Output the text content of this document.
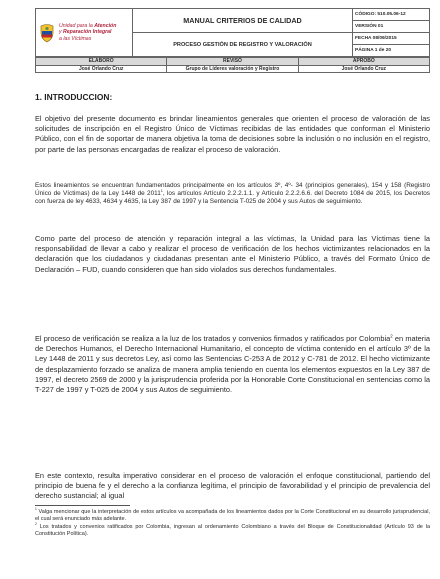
Unidad para la Atención
y Reparación Integral
a las Víctimas	MANUAL CRITERIOS DE CALIDAD	CÓDIGO: 510.05.06-12
		VERSIÓN 01
	PROCESO GESTIÓN DE REGISTRO Y VALORACIÓN	FECHA 08/09/2015
		PÁGINA 1 de 20
ELABORÓ	REVISÓ	APROBÓ
José Orlando Cruz	Grupo de Líderes valoración y Registro	José Orlando Cruz
1. INTRODUCCION:
El objetivo del presente documento es brindar lineamientos generales que orienten el proceso de valoración de las solicitudes de inscripción en el Registro Único de Víctimas recibidas de las entidades que conforman el Ministerio Público, con el fin de soportar de manera objetiva la toma de decisiones sobre la inclusión o no inclusión en el registro, por parte de las personas encargadas de realizar el proceso de valoración.
Estos lineamientos se encuentran fundamentados principalmente en los artículos 3º, 4º- 34 (principios generales), 154 y 158 (Registro Único de Víctimas) de la Ley 1448 de 2011$^1$, los artículos Artículo 2.2.2.1.1. y Artículo 2.2.2.6.6. del Decreto 1084 de 2015, los Decretos con fuerza de ley 4633, 4634 y 4635, la Ley 387 de 1997 y la Sentencia T-025 de 2004 y sus Autos de seguimiento.
Como parte del proceso de atención y reparación integral a las víctimas, la Unidad para las Víctimas tiene la responsabilidad de llevar a cabo y realizar el proceso de verificación de los hechos victimizantes relacionados en la declaración que los ciudadanos y ciudadanas presentan ante el Ministerio Público, a través del Formato Único de Declaración – FUD, cuando consideren que han sido violados sus derechos fundamentales.
El proceso de verificación se realiza a la luz de los tratados y convenios firmados y ratificados por Colombia$^2$ en materia de Derechos Humanos, el Derecho Internacional Humanitario, el concepto de víctima contenido en el artículo 3º de la Ley 1448 de 2011 y sus decretos Ley, así como las Sentencias C-253 A de 2012 y C-781 de 2012. El hecho victimizante de desplazamiento forzado se analiza de manera amplia teniendo en cuenta los elementos expuestos en la Ley 387 de 1997, el decreto 2569 de 2000 y la jurisprudencia proferida por la Honorable Corte Constitucional en sentencias como la T-227 de 1997 y T-025 de 2004 y sus Autos de seguimiento.
En este contexto, resulta imperativo considerar en el proceso de valoración el enfoque constitucional, partiendo del principio de buena fe y el derecho a la confianza legítima, el principio de favorabilidad y el principio de prevalencia del derecho sustancial; al igual
$^1$ Valga mencionar que la interpretación de estos artículos va acompañada de los lineamientos dados por la Corte Constitucional en su desarrollo jurisprudencial, el cual será enunciado más adelante.
$^2$ Los tratados y convenios ratificados por Colombia, ingresan al ordenamiento Colombiano a través del Bloque de Constitucionalidad (Artículo 93 de la Constitución Política).
